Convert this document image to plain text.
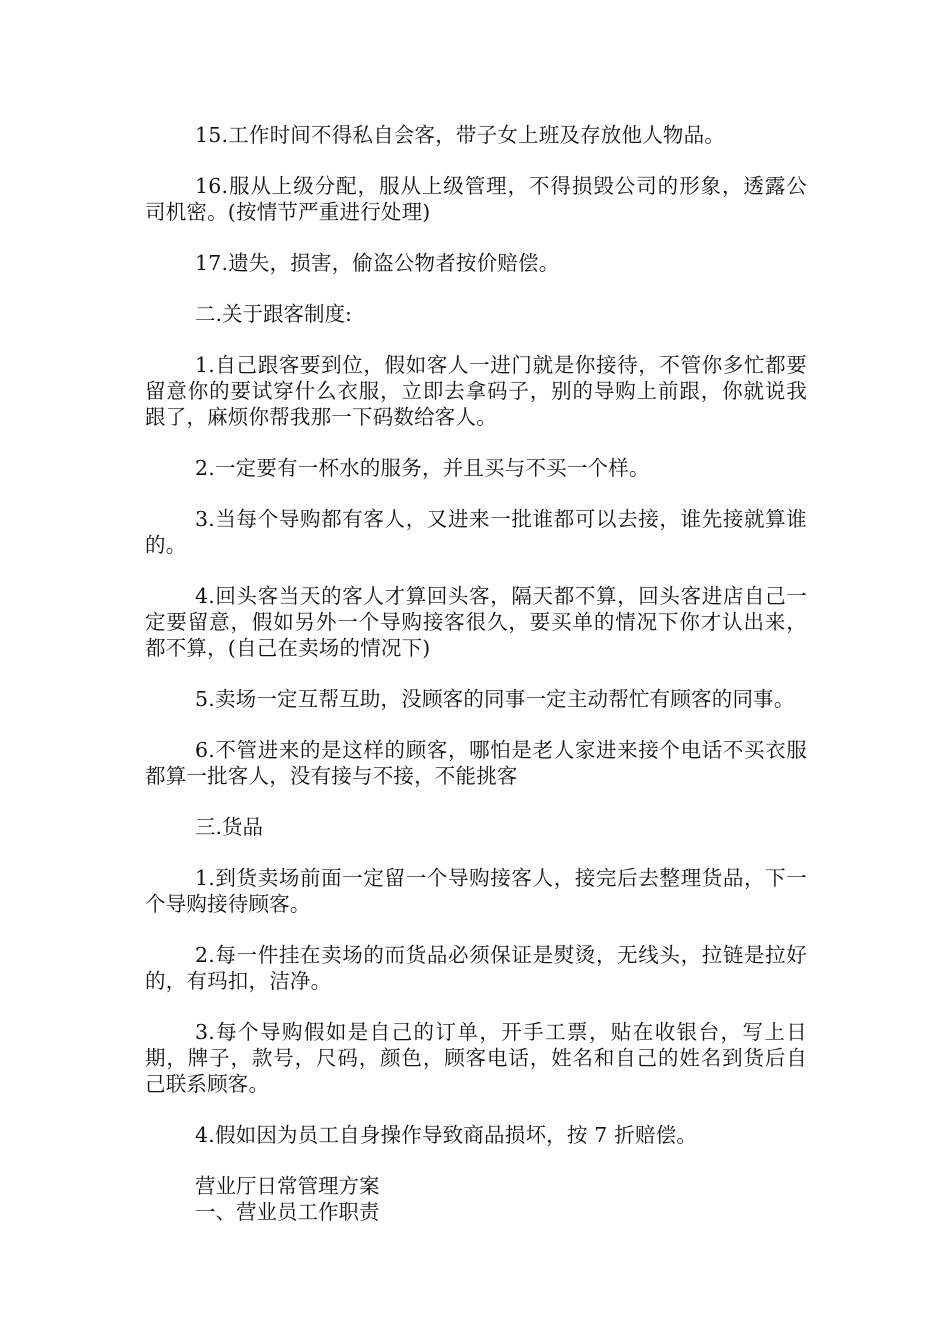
15.工作时间不得私自会客，带子女上班及存放他人物品。

16.服从上级分配，服从上级管理，不得损毁公司的形象，透露公司机密。(按情节严重进行处理)

17.遗失，损害，偷盗公物者按价赔偿。

二.关于跟客制度:

1.自己跟客要到位，假如客人一进门就是你接待，不管你多忙都要留意你的要试穿什么衣服，立即去拿码子，别的导购上前跟，你就说我跟了，麻烦你帮我那一下码数给客人。

2.一定要有一杯水的服务，并且买与不买一个样。

3.当每个导购都有客人，又进来一批谁都可以去接，谁先接就算谁的。

4.回头客当天的客人才算回头客，隔天都不算，回头客进店自己一定要留意，假如另外一个导购接客很久，要买单的情况下你才认出来，都不算，(自己在卖场的情况下)

5.卖场一定互帮互助，没顾客的同事一定主动帮忙有顾客的同事。

6.不管进来的是这样的顾客，哪怕是老人家进来接个电话不买衣服都算一批客人，没有接与不接，不能挑客

三.货品

1.到货卖场前面一定留一个导购接客人，接完后去整理货品，下一个导购接待顾客。

2.每一件挂在卖场的而货品必须保证是熨烫，无线头，拉链是拉好的，有玛扣，洁净。

3.每个导购假如是自己的订单，开手工票，贴在收银台，写上日期，牌子，款号，尺码，颜色，顾客电话，姓名和自己的姓名到货后自己联系顾客。

4.假如因为员工自身操作导致商品损坏，按 7 折赔偿。

营业厅日常管理方案

一、营业员工作职责
